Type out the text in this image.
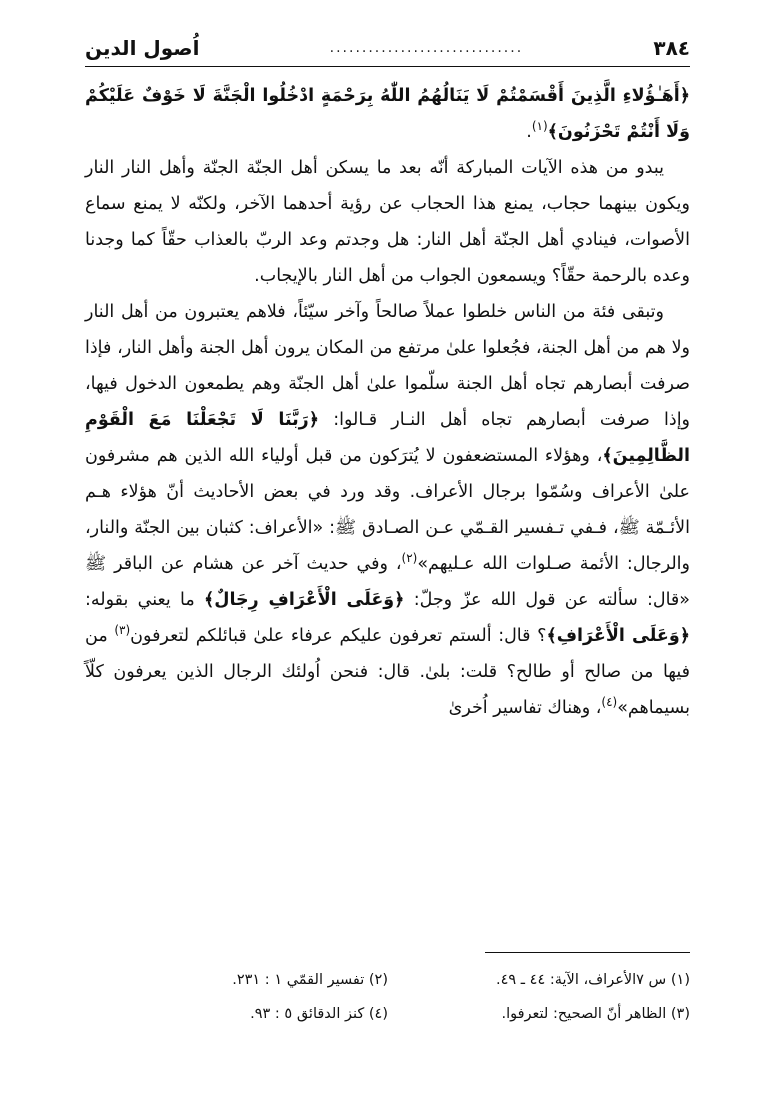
٣٨٤
..............................
اُصول الدين

﴿أَهَـٰؤُلاءِ الَّذِينَ أَقْسَمْتُمْ لَا يَنَالُهُمُ اللّٰهُ بِرَحْمَةٍ ادْخُلُوا الْجَنَّةَ لَا خَوْفٌ عَلَيْكُمْ وَلَا أَنْتُمْ تَحْزَنُونَ﴾$^{(١)}$.

يبدو من هذه الآيات المباركة أنّه بعد ما يسكن أهل الجنّة الجنّة وأهل النار النار ويكون بينهما حجاب، يمنع هذا الحجاب عن رؤية أحدهما الآخر، ولكنّه لا يمنع سماع الأصوات، فينادي أهل الجنّة أهل النار: هل وجدتم وعد الربّ بالعذاب حقّاً كما وجدنا وعده بالرحمة حقّاً؟ ويسمعون الجواب من أهل النار بالإيجاب.

وتبقى فئة من الناس خلطوا عملاً صالحاً وآخر سيّئاً، فلاهم يعتبرون من أهل النار ولا هم من أهل الجنة، فجُعلوا علىٰ مرتفع من المكان يرون أهل الجنة وأهل النار، فإذا صرفت أبصارهم تجاه أهل الجنة سلّموا علىٰ أهل الجنّة وهم يطمعون الدخول فيها، وإذا صرفت أبصارهم تجاه أهل النـار قـالوا: ﴿رَبَّنَا لَا تَجْعَلْنَا مَعَ الْقَوْمِ الظَّالِمِينَ﴾، وهؤلاء المستضعفون لا يُترَكون من قبل أولياء الله الذين هم مشرفون علىٰ الأعراف وسُمّوا برجال الأعراف. وقد ورد في بعض الأحاديث أنّ هؤلاء هـم الأئـمّة ﷺ، فـفي تـفسير القـمّي عـن الصـادق ﷺ: «الأعراف: كثبان بين الجنّة والنار، والرجال: الأئمة صـلوات الله عـليهم»$^{(٢)}$، وفي حديث آخر عن هشام عن الباقر ﷺ «قال: سألته عن قول الله عزّ وجلّ: ﴿وَعَلَى الْأَعْرَافِ رِجَالٌ﴾ ما يعني بقوله: ﴿وَعَلَى الْأَعْرَافِ﴾؟ قال: ألستم تعرفون عليكم عرفاء علىٰ قبائلكم لتعرفون$^{(٣)}$ من فيها من صالح أو طالح؟ قلت: بلىٰ. قال: فنحن اُولئك الرجال الذين يعرفون كلّاً بسيماهم»$^{(٤)}$، وهناك تفاسير اُخرىٰ

(١) س ٧الأعراف، الآية: ٤٤ ـ ٤٩.
(٢) تفسير القمّي ١ : ٢٣١.
(٣) الظاهر أنّ الصحيح: لتعرفوا.
(٤) كنز الدقائق ٥ : ٩٣.
